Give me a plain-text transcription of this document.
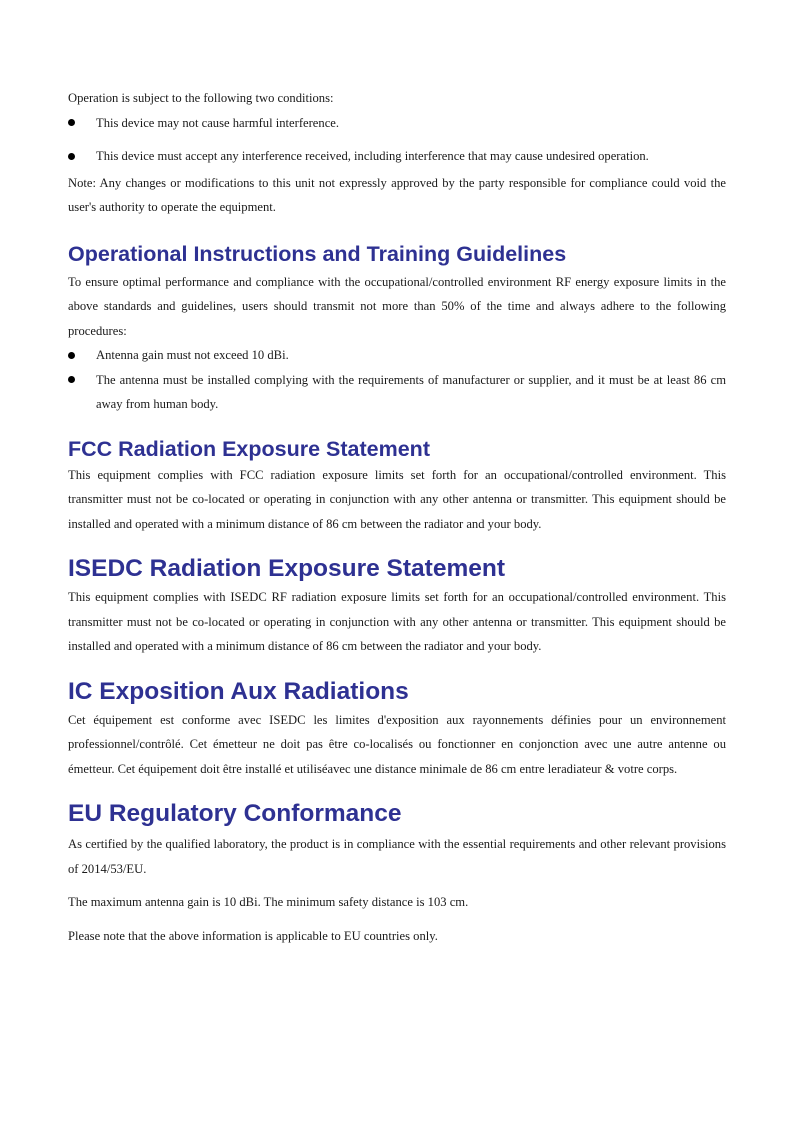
Operation is subject to the following two conditions:

This device may not cause harmful interference.
This device must accept any interference received, including interference that may cause undesired operation.

Note: Any changes or modifications to this unit not expressly approved by the party responsible for compliance could void the user's authority to operate the equipment.

Operational Instructions and Training Guidelines

To ensure optimal performance and compliance with the occupational/controlled environment RF energy exposure limits in the above standards and guidelines, users should transmit not more than 50% of the time and always adhere to the following procedures:

Antenna gain must not exceed 10 dBi.
The antenna must be installed complying with the requirements of manufacturer or supplier, and it must be at least 86 cm away from human body.
FCC Radiation Exposure Statement

This equipment complies with FCC radiation exposure limits set forth for an occupational/controlled environment. This transmitter must not be co-located or operating in conjunction with any other antenna or transmitter. This equipment should be installed and operated with a minimum distance of 86 cm between the radiator and your body.

ISEDC Radiation Exposure Statement

This equipment complies with ISEDC RF radiation exposure limits set forth for an occupational/controlled environment. This transmitter must not be co-located or operating in conjunction with any other antenna or transmitter. This equipment should be installed and operated with a minimum distance of 86 cm between the radiator and your body.

IC Exposition Aux Radiations

Cet équipement est conforme avec ISEDC les limites d'exposition aux rayonnements définies pour un environnement professionnel/contrôlé. Cet émetteur ne doit pas être co-localisés ou fonctionner en conjonction avec une autre antenne ou émetteur. Cet équipement doit être installé et utiliséavec une distance minimale de 86 cm entre leradiateur & votre corps.

EU Regulatory Conformance

As certified by the qualified laboratory, the product is in compliance with the essential requirements and other relevant provisions of 2014/53/EU.

The maximum antenna gain is 10 dBi. The minimum safety distance is 103 cm.

Please note that the above information is applicable to EU countries only.
